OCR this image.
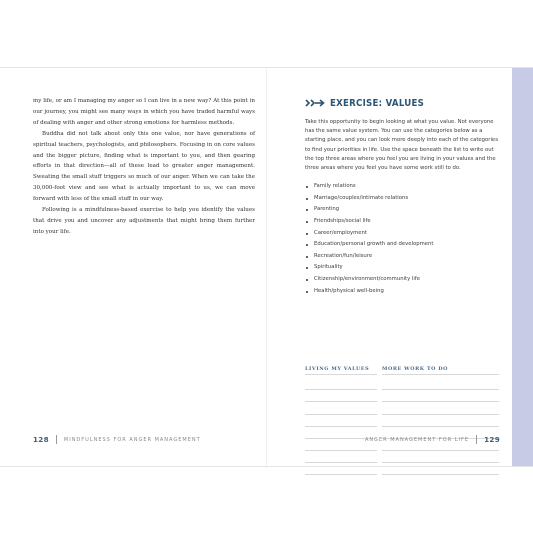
my life, or am I managing my anger so I can live in a new way? At this point in our journey, you might see many ways in which you have traded harmful ways of dealing with anger and other strong emotions for harmless methods.

Buddha did not talk about only this one value, nor have generations of spiritual teachers, psychologists, and philosophers. Focusing in on core values and the bigger picture, finding what is important to you, and then gearing efforts in that direction—all of these lead to greater anger management. Sweating the small stuff triggers so much of our anger. When we can take the 30,000-foot view and see what is actually important to us, we can move forward with less of the small stuff in our way.

Following is a mindfulness-based exercise to help you identify the values that drive you and uncover any adjustments that might bring them further into your life.

EXERCISE: VALUES
Take this opportunity to begin looking at what you value. Not everyone has the same value system. You can use the categories below as a starting place, and you can look more deeply into each of the categories to find your priorities in life. Use the space beneath the list to write out the top three areas where you feel you are living in your values and the three areas where you feel you have some work still to do.
Family relations
Marriage/couples/intimate relations
Parenting
Friendships/social life
Career/employment
Education/personal growth and development
Recreation/fun/leisure
Spirituality
Citizenship/environment/community life
Health/physical well-being
LIVING MY VALUES	MORE WORK TO DO
128	MINDFULNESS FOR ANGER MANAGEMENT	ANGER MANAGEMENT FOR LIFE 129
